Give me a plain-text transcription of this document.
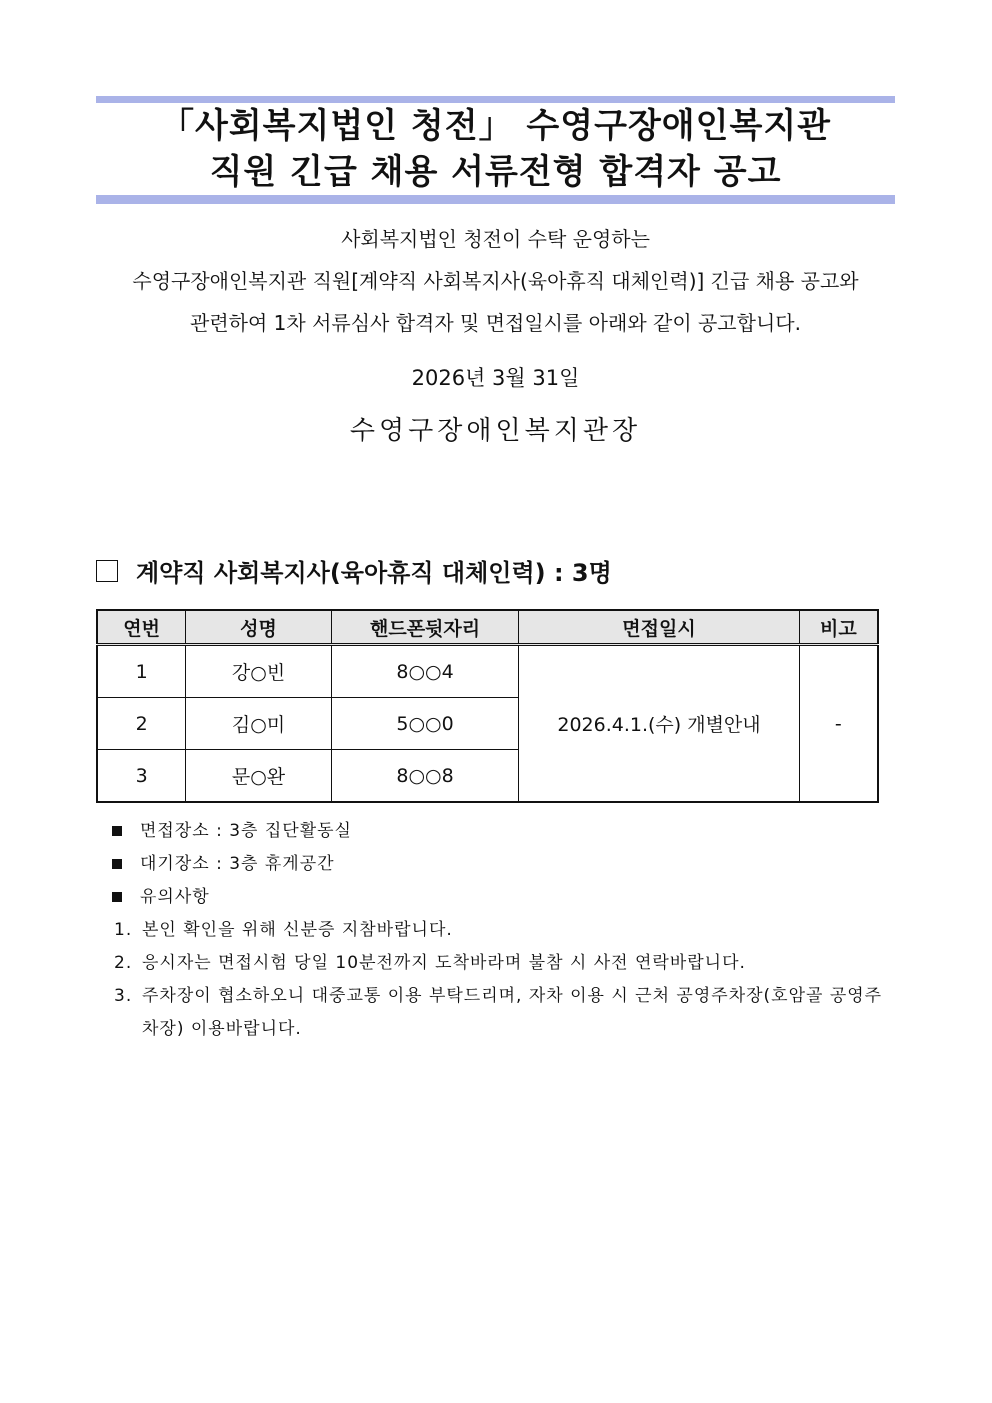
「사회복지법인 청전」 수영구장애인복지관
직원 긴급 채용 서류전형 합격자 공고
사회복지법인 청전이 수탁 운영하는
수영구장애인복지관 직원[계약직 사회복지사(육아휴직 대체인력)] 긴급 채용 공고와
관련하여 1차 서류심사 합격자 및 면접일시를 아래와 같이 공고합니다.
2026년 3월 31일
수영구장애인복지관장
계약직 사회복지사(육아휴직 대체인력) : 3명
연번	성명	핸드폰뒷자리	면접일시	비고
1	강○빈	8○○4	2026.4.1.(수) 개별안내	-
2	김○미	5○○0		
3	문○완	8○○8		
면접장소 : 3층 집단활동실
대기장소 : 3층 휴게공간
유의사항
1. 본인 확인을 위해 신분증 지참바랍니다.
2. 응시자는 면접시험 당일 10분전까지 도착바라며 불참 시 사전 연락바랍니다.
3. 주차장이 협소하오니 대중교통 이용 부탁드리며, 자차 이용 시 근처 공영주차장(호암골 공영주차장) 이용바랍니다.
